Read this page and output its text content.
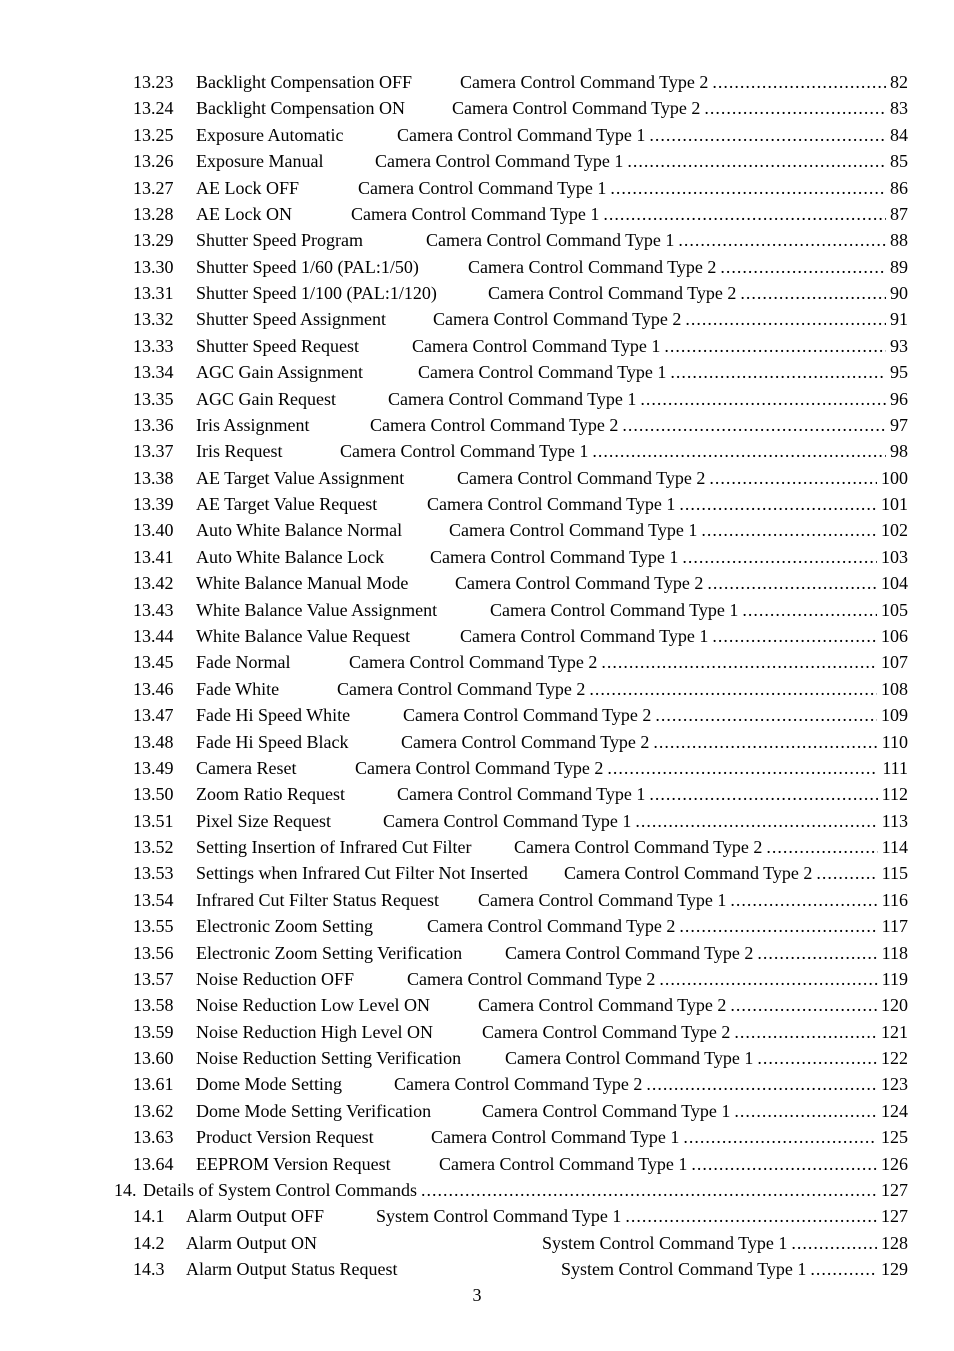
13.23	Backlight Compensation OFF	Camera Control Command Type 2 .....	82
13.24	Backlight Compensation ON	Camera Control Command Type 2 .....	83
13.25	Exposure Automatic	Camera Control Command Type 1 .....	84
13.26	Exposure Manual	Camera Control Command Type 1 .....	85
13.27	AE Lock OFF	Camera Control Command Type 1 .....	86
13.28	AE Lock ON	Camera Control Command Type 1 .....	87
13.29	Shutter Speed Program	Camera Control Command Type 1 .....	88
13.30	Shutter Speed 1/60 (PAL:1/50)	Camera Control Command Type 2 .....	89
13.31	Shutter Speed 1/100 (PAL:1/120)	Camera Control Command Type 2 .....	90
13.32	Shutter Speed Assignment	Camera Control Command Type 2 .....	91
13.33	Shutter Speed Request	Camera Control Command Type 1 .....	93
13.34	AGC Gain Assignment	Camera Control Command Type 1 .....	95
13.35	AGC Gain Request	Camera Control Command Type 1 .....	96
13.36	Iris Assignment	Camera Control Command Type 2 .....	97
13.37	Iris Request	Camera Control Command Type 1 .....	98
13.38	AE Target Value Assignment	Camera Control Command Type 2 .....	100
13.39	AE Target Value Request	Camera Control Command Type 1 .....	101
13.40	Auto White Balance Normal	Camera Control Command Type 1 .....	102
13.41	Auto White Balance Lock	Camera Control Command Type 1 .....	103
13.42	White Balance Manual Mode	Camera Control Command Type 2 .....	104
13.43	White Balance Value Assignment	Camera Control Command Type 1 .....	105
13.44	White Balance Value Request	Camera Control Command Type 1 .....	106
13.45	Fade Normal	Camera Control Command Type 2 .....	107
13.46	Fade White	Camera Control Command Type 2 .....	108
13.47	Fade Hi Speed White	Camera Control Command Type 2 .....	109
13.48	Fade Hi Speed Black	Camera Control Command Type 2 .....	110
13.49	Camera Reset	Camera Control Command Type 2 .....	111
13.50	Zoom Ratio Request	Camera Control Command Type 1 .....	112
13.51	Pixel Size Request	Camera Control Command Type 1 .....	113
13.52	Setting Insertion of Infrared Cut Filter	Camera Control Command Type 2 .....	114
13.53	Settings when Infrared Cut Filter Not Inserted	Camera Control Command Type 2 .....	115
13.54	Infrared Cut Filter Status Request	Camera Control Command Type 1 .....	116
13.55	Electronic Zoom Setting	Camera Control Command Type 2 .....	117
13.56	Electronic Zoom Setting Verification	Camera Control Command Type 2 .....	118
13.57	Noise Reduction OFF	Camera Control Command Type 2 .....	119
13.58	Noise Reduction Low Level ON	Camera Control Command Type 2 .....	120
13.59	Noise Reduction High Level ON	Camera Control Command Type 2 .....	121
13.60	Noise Reduction Setting Verification	Camera Control Command Type 1 .....	122
13.61	Dome Mode Setting	Camera Control Command Type 2 .....	123
13.62	Dome Mode Setting Verification	Camera Control Command Type 1 .....	124
13.63	Product Version Request	Camera Control Command Type 1 .....	125
13.64	EEPROM Version Request	Camera Control Command Type 1 .....	126
14. Details of System Control Commands .....	127
14.1	Alarm Output OFF	System Control Command Type 1 .....	127
14.2	Alarm Output ON	System Control Command Type 1 .....	128
14.3	Alarm Output Status Request	System Control Command Type 1 .....	129
3
